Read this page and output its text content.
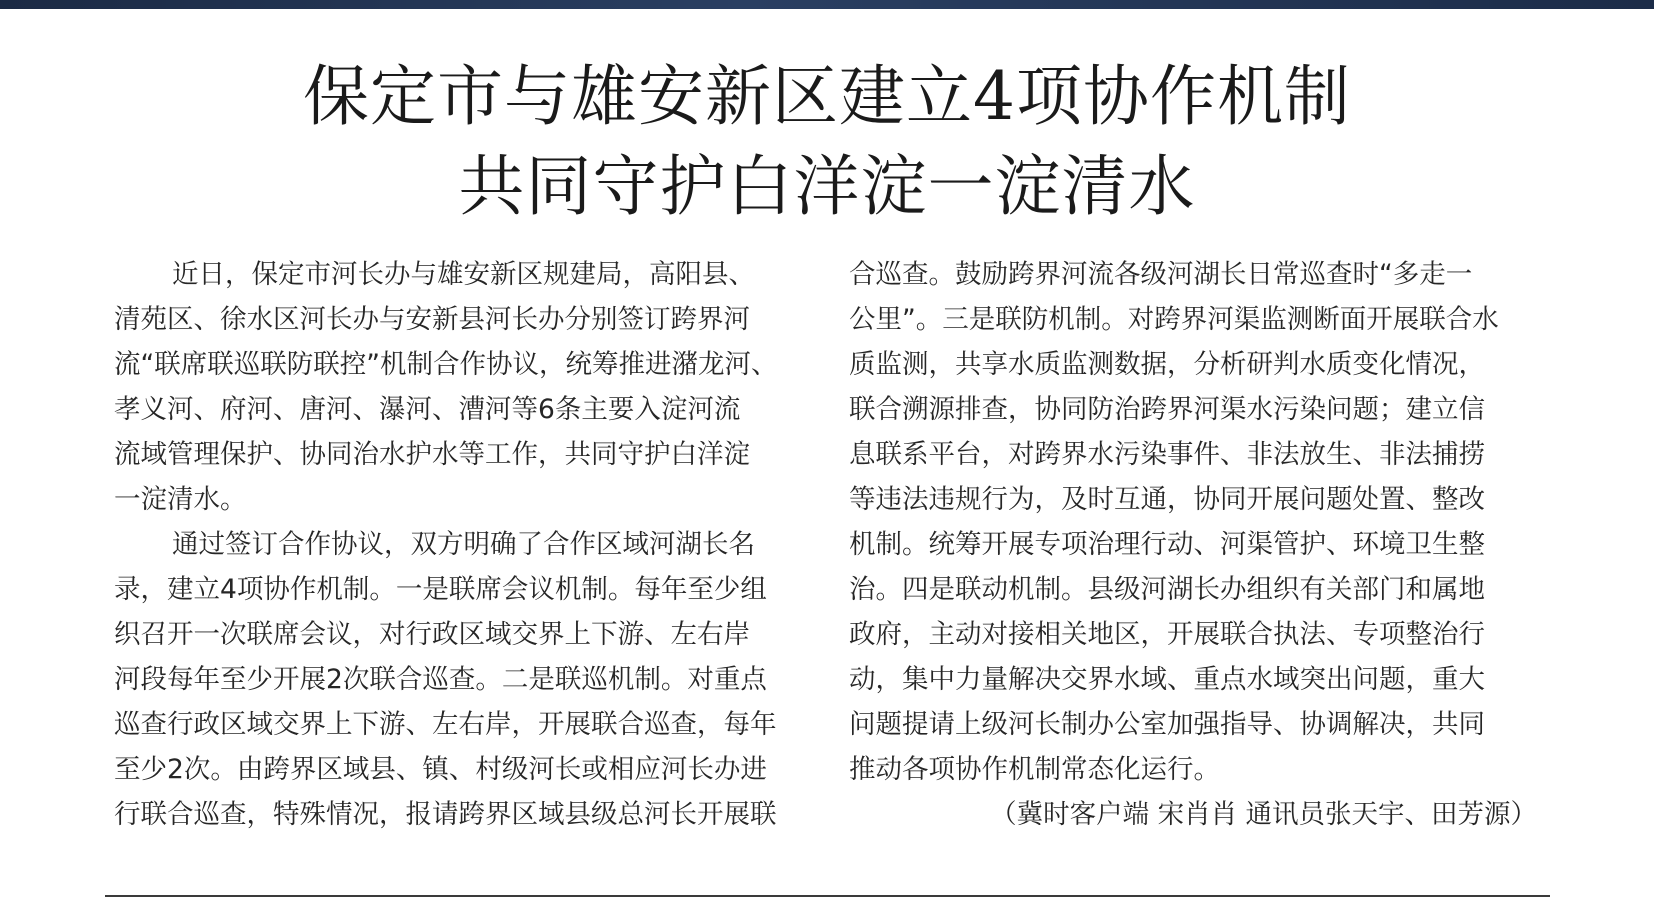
保定市与雄安新区建立4项协作机制
共同守护白洋淀一淀清水
近日，保定市河长办与雄安新区规建局，高阳县、
清苑区、徐水区河长办与安新县河长办分别签订跨界河
流“联席联巡联防联控”机制合作协议，统筹推进潴龙河、
孝义河、府河、唐河、瀑河、漕河等6条主要入淀河流
流域管理保护、协同治水护水等工作，共同守护白洋淀
一淀清水。
通过签订合作协议，双方明确了合作区域河湖长名
录，建立4项协作机制。一是联席会议机制。每年至少组
织召开一次联席会议，对行政区域交界上下游、左右岸
河段每年至少开展2次联合巡查。二是联巡机制。对重点
巡查行政区域交界上下游、左右岸，开展联合巡查，每年
至少2次。由跨界区域县、镇、村级河长或相应河长办进
行联合巡查，特殊情况，报请跨界区域县级总河长开展联
合巡查。鼓励跨界河流各级河湖长日常巡查时“多走一
公里”。三是联防机制。对跨界河渠监测断面开展联合水
质监测，共享水质监测数据，分析研判水质变化情况，
联合溯源排查，协同防治跨界河渠水污染问题；建立信
息联系平台，对跨界水污染事件、非法放生、非法捕捞
等违法违规行为，及时互通，协同开展问题处置、整改
机制。统筹开展专项治理行动、河渠管护、环境卫生整
治。四是联动机制。县级河湖长办组织有关部门和属地
政府，主动对接相关地区，开展联合执法、专项整治行
动，集中力量解决交界水域、重点水域突出问题，重大
问题提请上级河长制办公室加强指导、协调解决，共同
推动各项协作机制常态化运行。
（冀时客户端 宋肖肖 通讯员张天宇、田芳源）
